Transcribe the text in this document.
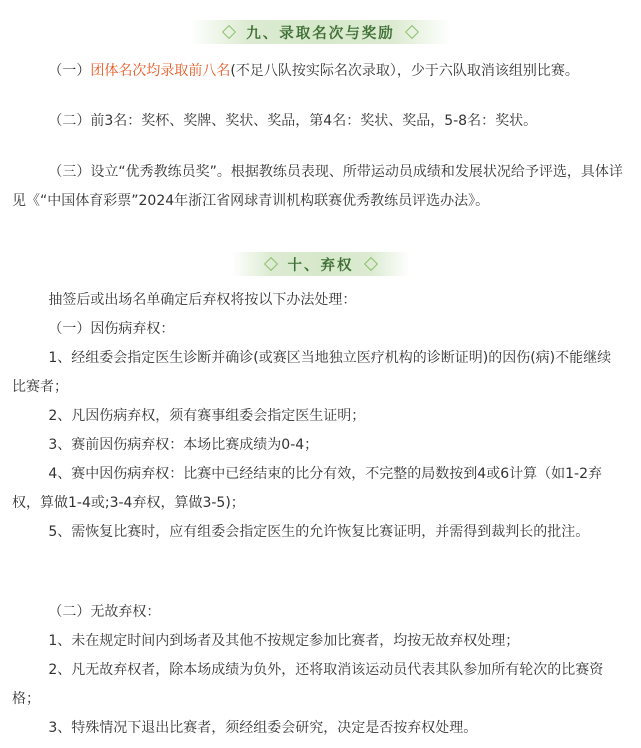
九、录取名次与奖励

（一）团体名次均录取前八名(不足八队按实际名次录取），少于六队取消该组别比赛。

（二）前3名：奖杯、奖牌、奖状、奖品，第4名：奖状、奖品，5-8名：奖状。

（三）设立“优秀教练员奖”。根据教练员表现、所带运动员成绩和发展状况给予评选，具体详见《“中国体育彩票”2024年浙江省网球青训机构联赛优秀教练员评选办法》。

十、弃权

抽签后或出场名单确定后弃权将按以下办法处理：

（一）因伤病弃权：

1、经组委会指定医生诊断并确诊(或赛区当地独立医疗机构的诊断证明)的因伤(病)不能继续比赛者；

2、凡因伤病弃权，须有赛事组委会指定医生证明；

3、赛前因伤病弃权：本场比赛成绩为0-4；

4、赛中因伤病弃权：比赛中已经结束的比分有效，不完整的局数按到4或6计算（如1-2弃权，算做1-4或;3-4弃权，算做3-5)；

5、需恢复比赛时，应有组委会指定医生的允许恢复比赛证明，并需得到裁判长的批注。

（二）无故弃权：

1、未在规定时间内到场者及其他不按规定参加比赛者，均按无故弃权处理；

2、凡无故弃权者，除本场成绩为负外，还将取消该运动员代表其队参加所有轮次的比赛资格；

3、特殊情况下退出比赛者，须经组委会研究，决定是否按弃权处理。
